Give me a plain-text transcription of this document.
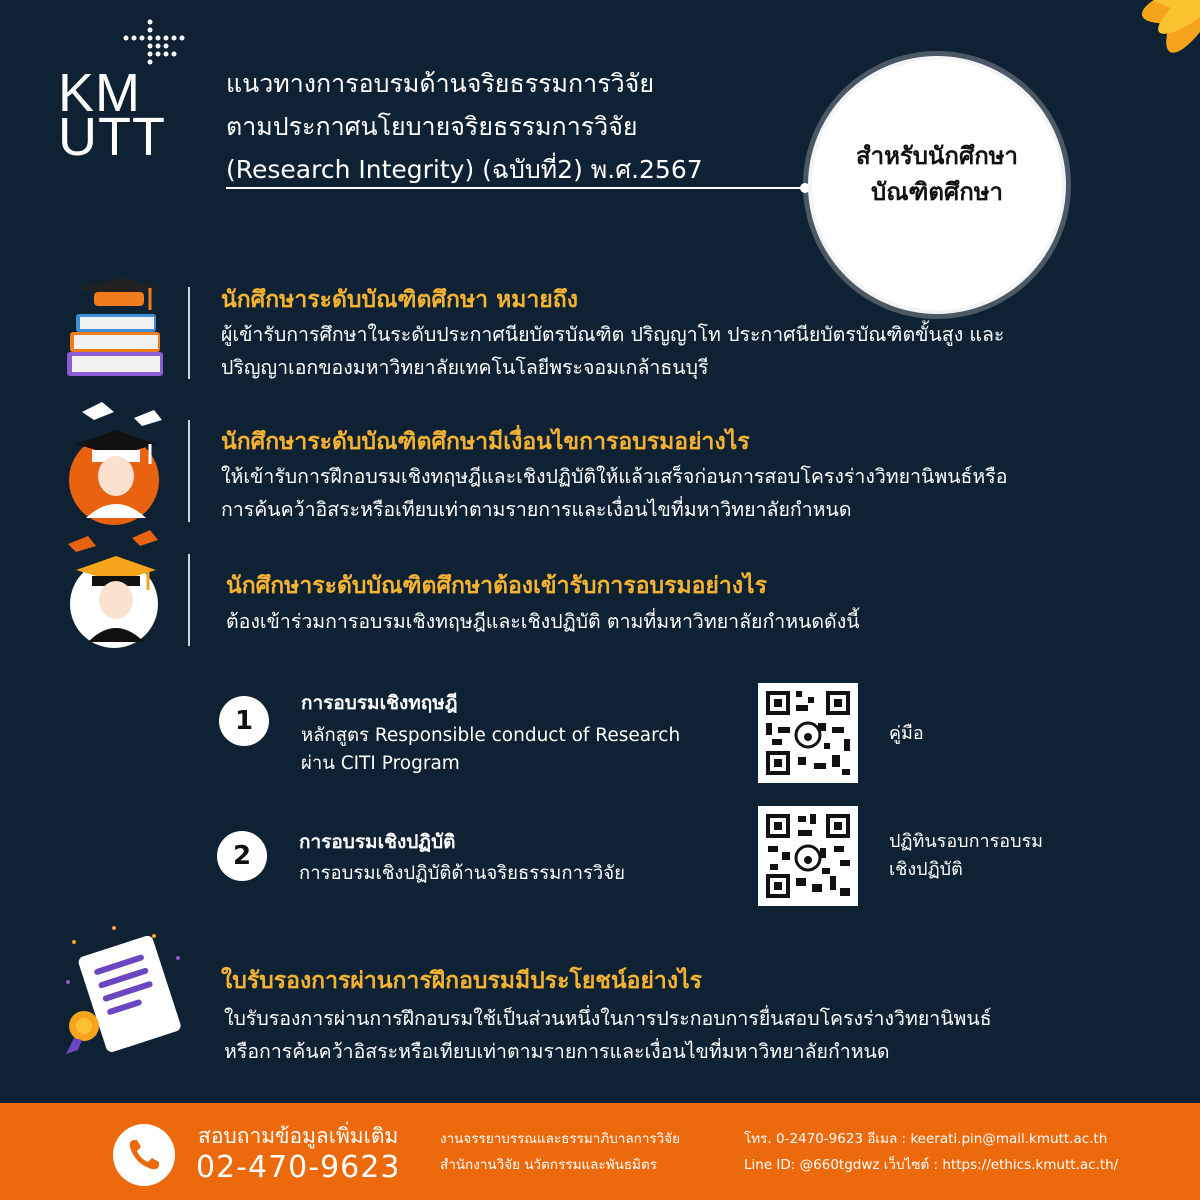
KM
UTT
แนวทางการอบรมด้านจริยธรรมการวิจัย
ตามประกาศนโยบายจริยธรรมการวิจัย
(Research Integrity) (ฉบับที่2) พ.ศ.2567	สำหรับนักศึกษา
บัณฑิตศึกษา
นักศึกษาระดับบัณฑิตศึกษา หมายถึง
ผู้เข้ารับการศึกษาในระดับประกาศนียบัตรบัณฑิต ปริญญาโท ประกาศนียบัตรบัณฑิตขั้นสูง และ
ปริญญาเอกของมหาวิทยาลัยเทคโนโลยีพระจอมเกล้าธนบุรี
นักศึกษาระดับบัณฑิตศึกษามีเงื่อนไขการอบรมอย่างไร
ให้เข้ารับการฝึกอบรมเชิงทฤษฎีและเชิงปฏิบัติให้แล้วเสร็จก่อนการสอบโครงร่างวิทยานิพนธ์หรือ
การค้นคว้าอิสระหรือเทียบเท่าตามรายการและเงื่อนไขที่มหาวิทยาลัยกำหนด
นักศึกษาระดับบัณฑิตศึกษาต้องเข้ารับการอบรมอย่างไร
ต้องเข้าร่วมการอบรมเชิงทฤษฎีและเชิงปฏิบัติ ตามที่มหาวิทยาลัยกำหนดดังนี้
1
การอบรมเชิงทฤษฎี
หลักสูตร Responsible conduct of Research
ผ่าน CITI Program
คู่มือ
2	การอบรมเชิงปฏิบัติ
การอบรมเชิงปฏิบัติด้านจริยธรรมการวิจัย
ปฏิทินรอบการอบรม
เชิงปฏิบัติ
ใบรับรองการผ่านการฝึกอบรมมีประโยชน์อย่างไร
ใบรับรองการผ่านการฝึกอบรมใช้เป็นส่วนหนึ่งในการประกอบการยื่นสอบโครงร่างวิทยานิพนธ์
หรือการค้นคว้าอิสระหรือเทียบเท่าตามรายการและเงื่อนไขที่มหาวิทยาลัยกำหนด
สอบถามข้อมูลเพิ่มเติม
02-470-9623
งานจรรยาบรรณและธรรมาภิบาลการวิจัย
สำนักงานวิจัย นวัตกรรมและพันธมิตร
โทร. 0-2470-9623 อีเมล : keerati.pin@mail.kmutt.ac.th
Line ID: @660tgdwz เว็บไซต์ : https://ethics.kmutt.ac.th/
